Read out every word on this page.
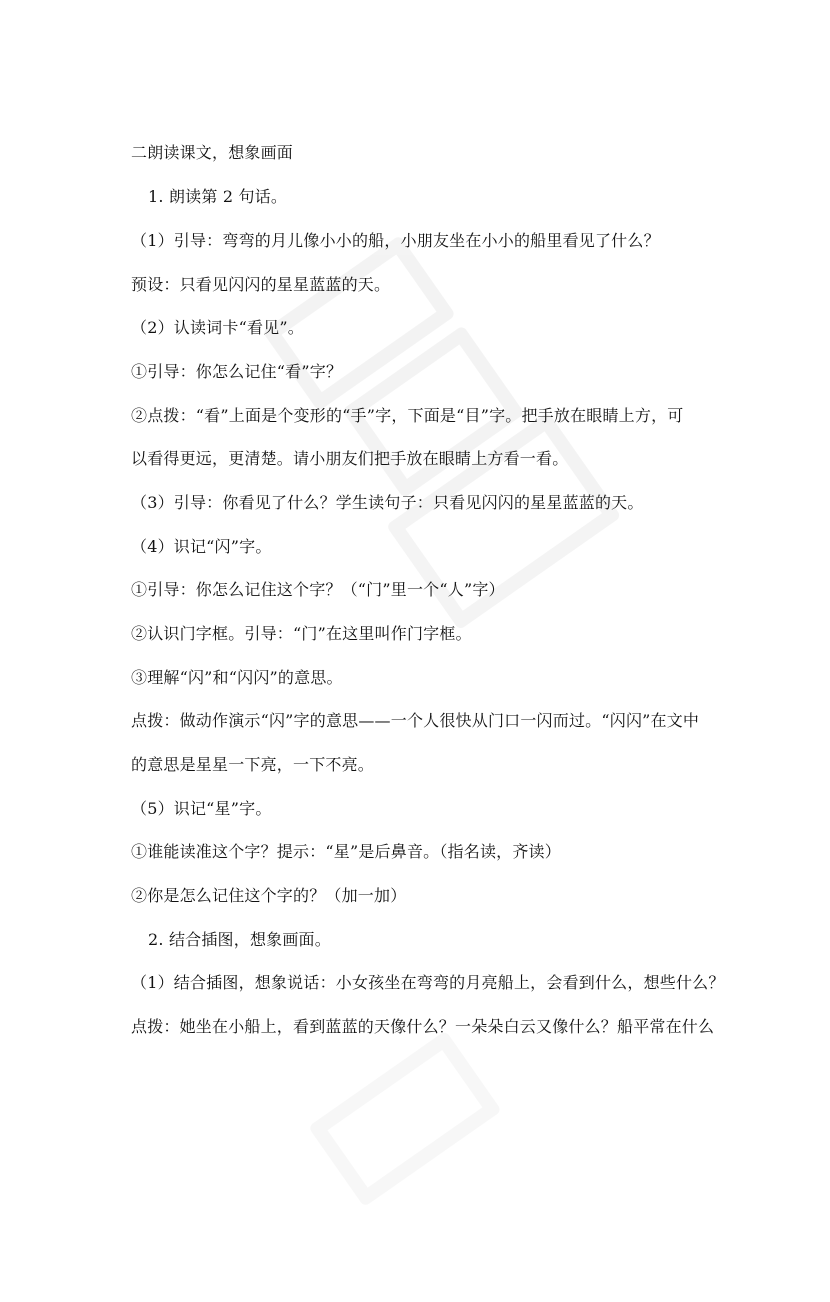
二朗读课文，想象画面
1. 朗读第 2 句话。
（1）引导：弯弯的月儿像小小的船，小朋友坐在小小的船里看见了什么？
预设：只看见闪闪的星星蓝蓝的天。
（2）认读词卡“看见”。
①引导：你怎么记住“看”字？
②点拨：“看”上面是个变形的“手”字，下面是“目”字。把手放在眼睛上方，可
以看得更远，更清楚。请小朋友们把手放在眼睛上方看一看。
（3）引导：你看见了什么？学生读句子：只看见闪闪的星星蓝蓝的天。
（4）识记“闪”字。
①引导：你怎么记住这个字？（“门”里一个“人”字）
②认识门字框。引导：“门”在这里叫作门字框。
③理解“闪”和“闪闪”的意思。
点拨：做动作演示“闪”字的意思——一个人很快从门口一闪而过。“闪闪”在文中
的意思是星星一下亮，一下不亮。
（5）识记“星”字。
①谁能读准这个字？提示：“星”是后鼻音。（指名读，齐读）
②你是怎么记住这个字的？（加一加）
2. 结合插图，想象画面。
（1）结合插图，想象说话：小女孩坐在弯弯的月亮船上，会看到什么，想些什么？
点拨：她坐在小船上，看到蓝蓝的天像什么？一朵朵白云又像什么？船平常在什么
